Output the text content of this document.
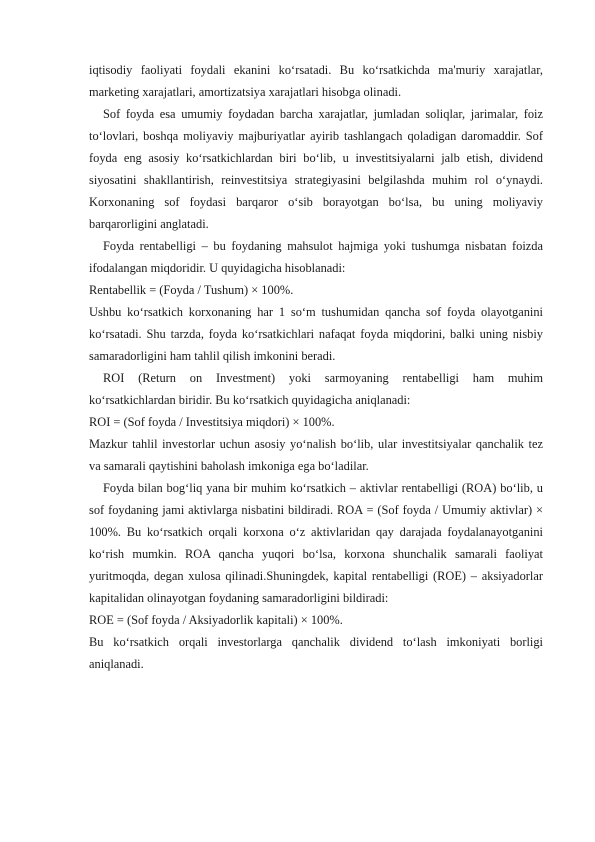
iqtisodiy faoliyati foydali ekanini ko‘rsatadi. Bu ko‘rsatkichda ma'muriy xarajatlar, marketing xarajatlari, amortizatsiya xarajatlari hisobga olinadi.

Sof foyda esa umumiy foydadan barcha xarajatlar, jumladan soliqlar, jarimalar, foiz to‘lovlari, boshqa moliyaviy majburiyatlar ayirib tashlangach qoladigan daromaddir. Sof foyda eng asosiy ko‘rsatkichlardan biri bo‘lib, u investitsiyalarni jalb etish, dividend siyosatini shakllantirish, reinvestitsiya strategiyasini belgilashda muhim rol o‘ynaydi. Korxonaning sof foydasi barqaror o‘sib borayotgan bo‘lsa, bu uning moliyaviy barqarorligini anglatadi.

Foyda rentabelligi – bu foydaning mahsulot hajmiga yoki tushumga nisbatan foizda ifodalangan miqdoridir. U quyidagicha hisoblanadi:

Rentabellik = (Foyda / Tushum) × 100%.

Ushbu ko‘rsatkich korxonaning har 1 so‘m tushumidan qancha sof foyda olayotganini ko‘rsatadi. Shu tarzda, foyda ko‘rsatkichlari nafaqat foyda miqdorini, balki uning nisbiy samaradorligini ham tahlil qilish imkonini beradi.

ROI (Return on Investment) yoki sarmoyaning rentabelligi ham muhim ko‘rsatkichlardan biridir. Bu ko‘rsatkich quyidagicha aniqlanadi:

ROI = (Sof foyda / Investitsiya miqdori) × 100%.

Mazkur tahlil investorlar uchun asosiy yo‘nalish bo‘lib, ular investitsiyalar qanchalik tez va samarali qaytishini baholash imkoniga ega bo‘ladilar.

Foyda bilan bog‘liq yana bir muhim ko‘rsatkich – aktivlar rentabelligi (ROA) bo‘lib, u sof foydaning jami aktivlarga nisbatini bildiradi. ROA = (Sof foyda / Umumiy aktivlar) × 100%. Bu ko‘rsatkich orqali korxona o‘z aktivlaridan qay darajada foydalanayotganini ko‘rish mumkin. ROA qancha yuqori bo‘lsa, korxona shunchalik samarali faoliyat yuritmoqda, degan xulosa qilinadi.Shuningdek, kapital rentabelligi (ROE) – aksiyadorlar kapitalidan olinayotgan foydaning samaradorligini bildiradi:

ROE = (Sof foyda / Aksiyadorlik kapitali) × 100%.

Bu ko‘rsatkich orqali investorlarga qanchalik dividend to‘lash imkoniyati borligi aniqlanadi.
